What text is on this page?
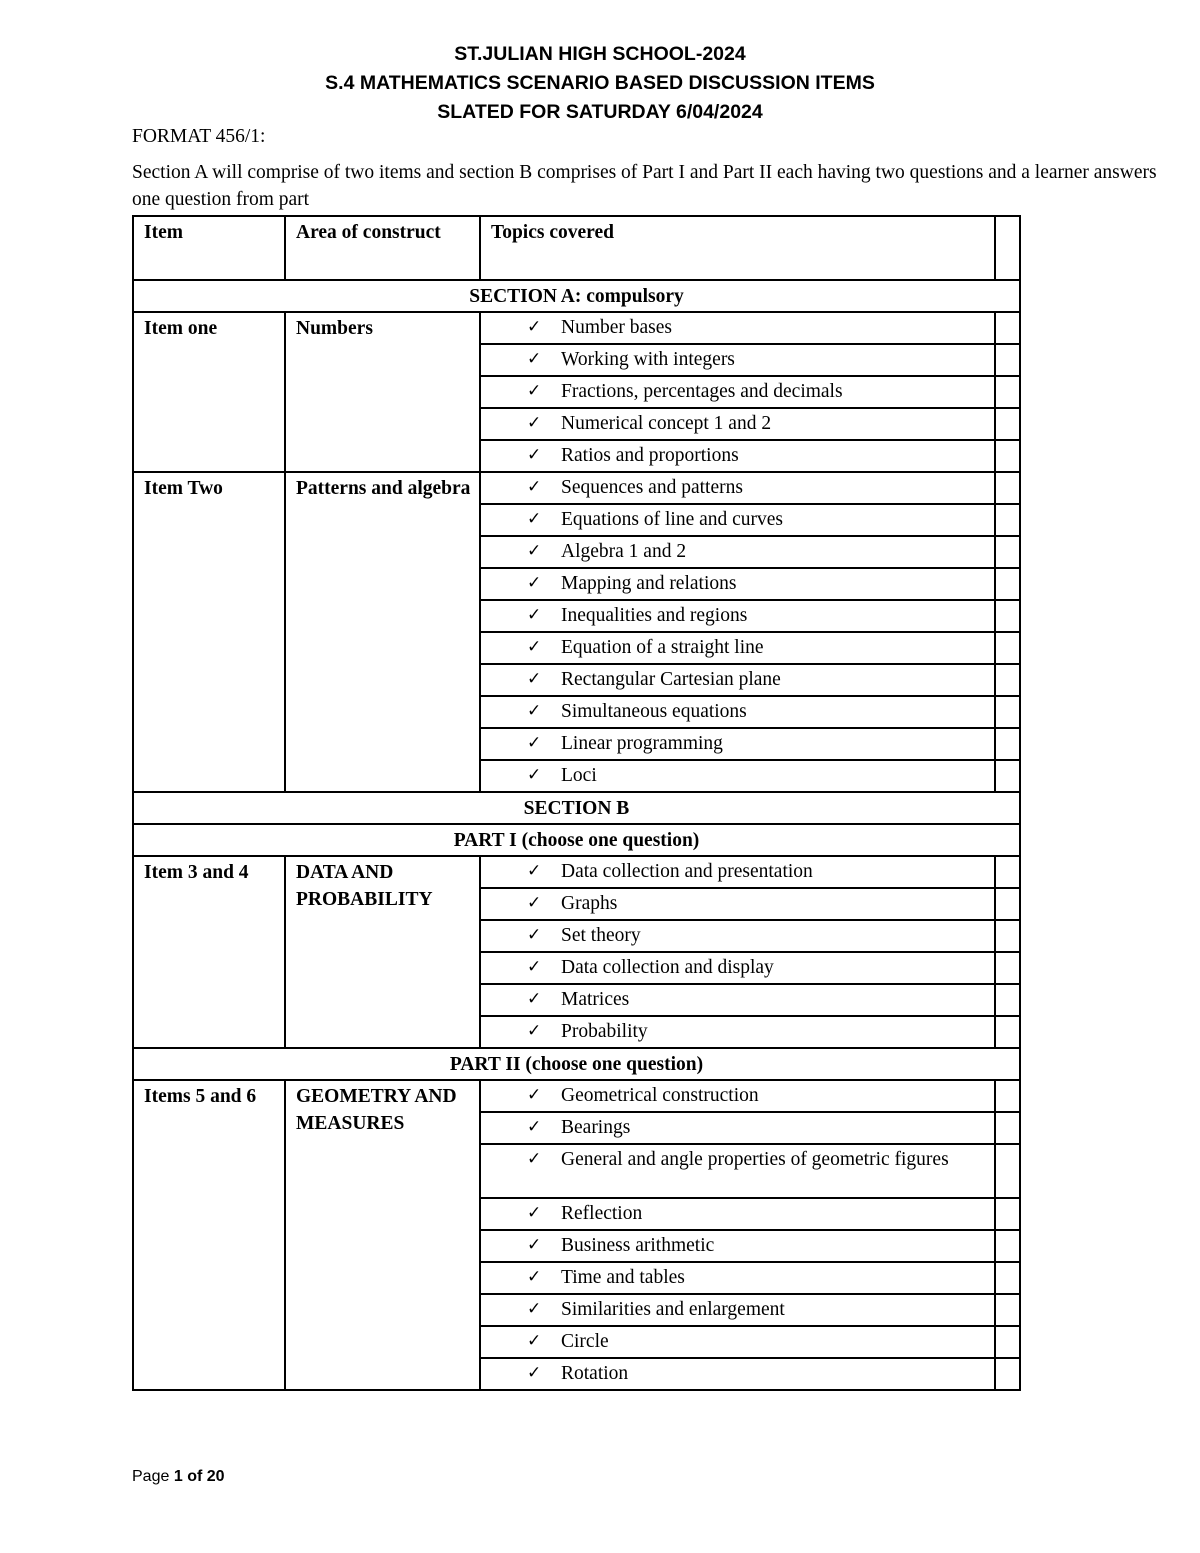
ST.JULIAN HIGH SCHOOL-2024
S.4 MATHEMATICS SCENARIO BASED DISCUSSION ITEMS
SLATED FOR SATURDAY 6/04/2024
FORMAT 456/1:
Section A will comprise of two items and section B comprises of Part I and Part II each having two questions and a learner answers one question from part
Item	Area of construct	Topics covered	
SECTION A: compulsory			
Item one	Numbers	✓ Number bases	

		✓ Working with integers	

		✓ Fractions, percentages and decimals	

		✓ Numerical concept 1 and 2	

		✓ Ratios and proportions	

Item Two	Patterns and algebra	✓ Sequences and patterns	

		✓ Equations of line and curves	

		✓ Algebra 1 and 2	

		✓ Mapping and relations	

		✓ Inequalities and regions	

		✓ Equation of a straight line	

		✓ Rectangular Cartesian plane	

		✓ Simultaneous equations	

		✓ Linear programming	

		✓ Loci	

SECTION B			
PART I (choose one question)			
Item 3 and 4	DATA AND PROBABILITY	✓ Data collection and presentation	

		✓ Graphs	

		✓ Set theory	

		✓ Data collection and display	

		✓ Matrices	

		✓ Probability	

PART II (choose one question)			
Items 5 and 6	GEOMETRY AND MEASURES	✓ Geometrical construction	

		✓ Bearings	

		✓ General and angle properties of geometric figures	

		✓ Reflection	

		✓ Business arithmetic	

		✓ Time and tables	

		✓ Similarities and enlargement	

		✓ Circle	

		✓ Rotation	

Page 1 of 20
